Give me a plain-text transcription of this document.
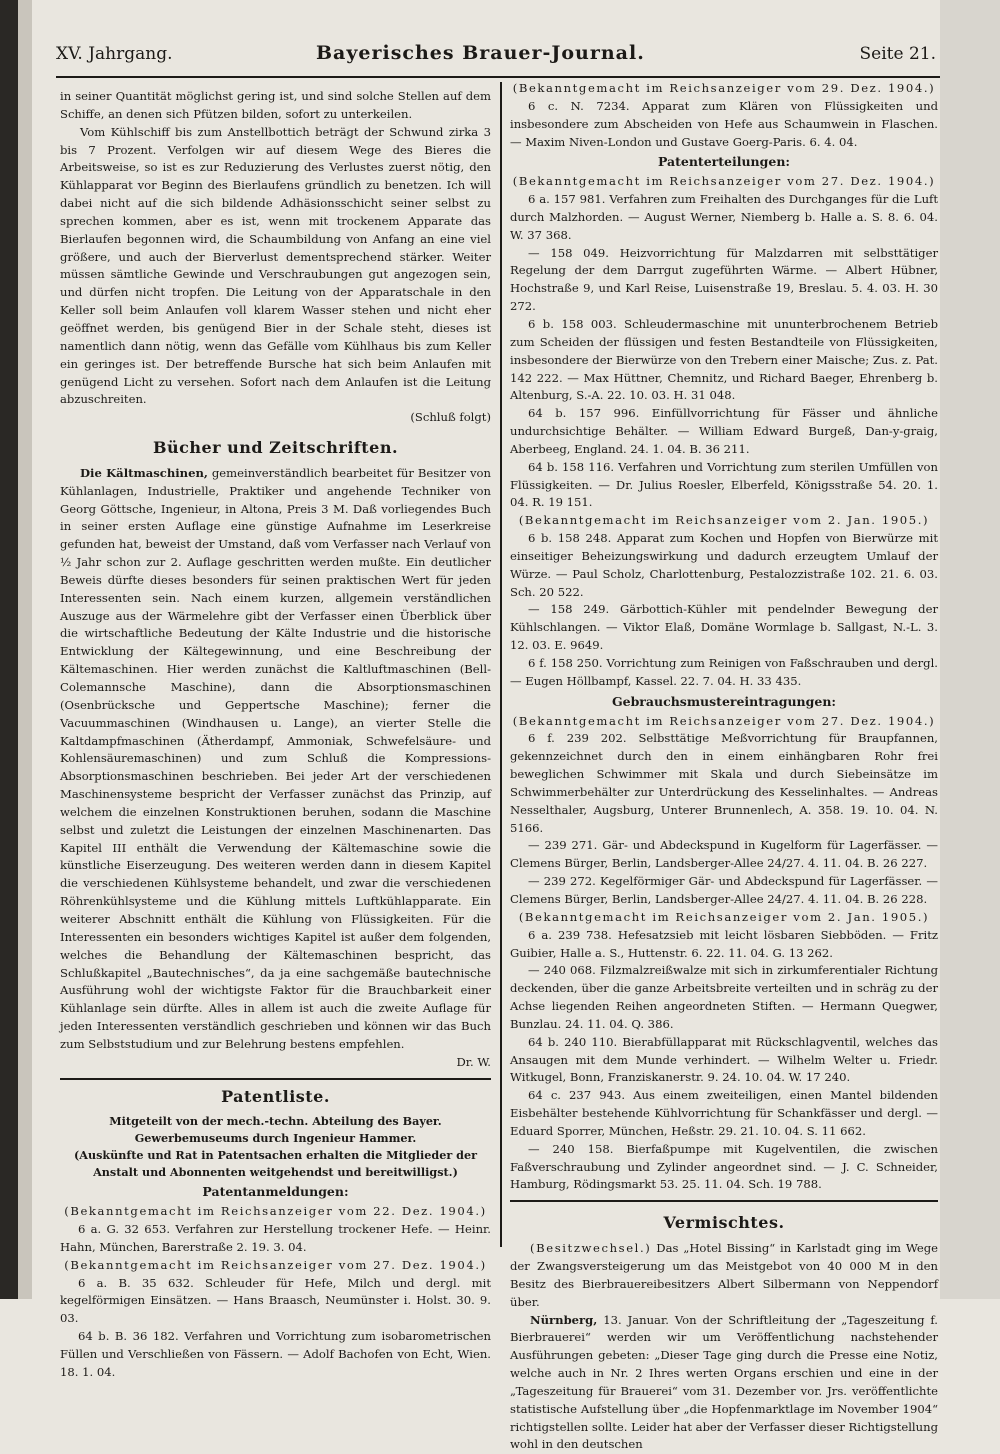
XV. Jahrgang.	Bayerisches Brauer-Journal.	Seite 21.

in seiner Quantität möglichst gering ist, und sind solche Stellen auf dem Schiffe, an denen sich Pfützen bilden, sofort zu unterkeilen.

Vom Kühlschiff bis zum Anstellbottich beträgt der Schwund zirka 3 bis 7 Prozent. Verfolgen wir auf diesem Wege des Bieres die Arbeitsweise, so ist es zur Reduzierung des Verlustes zuerst nötig, den Kühlapparat vor Beginn des Bierlaufens gründlich zu benetzen. Ich will dabei nicht auf die sich bildende Adhäsionsschicht seiner selbst zu sprechen kommen, aber es ist, wenn mit trockenem Apparate das Bierlaufen begonnen wird, die Schaumbildung von Anfang an eine viel größere, und auch der Bierverlust dementsprechend stärker. Weiter müssen sämtliche Gewinde und Verschraubungen gut angezogen sein, und dürfen nicht tropfen. Die Leitung von der Apparatschale in den Keller soll beim Anlaufen voll klarem Wasser stehen und nicht eher geöffnet werden, bis genügend Bier in der Schale steht, dieses ist namentlich dann nötig, wenn das Gefälle vom Kühlhaus bis zum Keller ein geringes ist. Der betreffende Bursche hat sich beim Anlaufen mit genügend Licht zu versehen. Sofort nach dem Anlaufen ist die Leitung abzuschreiten.

(Schluß folgt)

Bücher und Zeitschriften.

Die Kältmaschinen, gemeinverständlich bearbeitet für Besitzer von Kühlanlagen, Industrielle, Praktiker und angehende Techniker von Georg Göttsche, Ingenieur, in Altona, Preis 3 M. Daß vorliegendes Buch in seiner ersten Auflage eine günstige Aufnahme im Leserkreise gefunden hat, beweist der Umstand, daß vom Verfasser nach Verlauf von ½ Jahr schon zur 2. Auflage geschritten werden mußte. Ein deutlicher Beweis dürfte dieses besonders für seinen praktischen Wert für jeden Interessenten sein. Nach einem kurzen, allgemein verständlichen Auszuge aus der Wärmelehre gibt der Verfasser einen Überblick über die wirtschaftliche Bedeutung der Kälte Industrie und die historische Entwicklung der Kältegewinnung, und eine Beschreibung der Kältemaschinen. Hier werden zunächst die Kaltluftmaschinen (Bell-Colemannsche Maschine), dann die Absorptionsmaschinen (Osenbrücksche und Geppertsche Maschine); ferner die Vacuummaschinen (Windhausen u. Lange), an vierter Stelle die Kaltdampfmaschinen (Ätherdampf, Ammoniak, Schwefelsäure- und Kohlensäuremaschinen) und zum Schluß die Kompressions-Absorptionsmaschinen beschrieben. Bei jeder Art der verschiedenen Maschinensysteme bespricht der Verfasser zunächst das Prinzip, auf welchem die einzelnen Konstruktionen beruhen, sodann die Maschine selbst und zuletzt die Leistungen der einzelnen Maschinenarten. Das Kapitel III enthält die Verwendung der Kältemaschine sowie die künstliche Eiserzeugung. Des weiteren werden dann in diesem Kapitel die verschiedenen Kühlsysteme behandelt, und zwar die verschiedenen Röhrenkühlsysteme und die Kühlung mittels Luftkühlapparate. Ein weiterer Abschnitt enthält die Kühlung von Flüssigkeiten. Für die Interessenten ein besonders wichtiges Kapitel ist außer dem folgenden, welches die Behandlung der Kältemaschinen bespricht, das Schlußkapitel „Bautechnisches“, da ja eine sachgemäße bautechnische Ausführung wohl der wichtigste Faktor für die Brauchbarkeit einer Kühlanlage sein dürfte. Alles in allem ist auch die zweite Auflage für jeden Interessenten verständlich geschrieben und können wir das Buch zum Selbststudium und zur Belehrung bestens empfehlen.

Dr. W.

Patentliste.
Mitgeteilt von der mech.-techn. Abteilung des Bayer. Gewerbemuseums durch Ingenieur Hammer.
(Auskünfte und Rat in Patentsachen erhalten die Mitglieder der Anstalt und Abonnenten weitgehendst und bereitwilligst.)
Patentanmeldungen:

(Bekanntgemacht im Reichsanzeiger vom 22. Dez. 1904.)

6 a. G. 32 653. Verfahren zur Herstellung trockener Hefe. — Heinr. Hahn, München, Barerstraße 2. 19. 3. 04.

(Bekanntgemacht im Reichsanzeiger vom 27. Dez. 1904.)

6 a. B. 35 632. Schleuder für Hefe, Milch und dergl. mit kegelförmigen Einsätzen. — Hans Braasch, Neumünster i. Holst. 30. 9. 03.

64 b. B. 36 182. Verfahren und Vorrichtung zum isobarometrischen Füllen und Verschließen von Fässern. — Adolf Bachofen von Echt, Wien. 18. 1. 04.

(Bekanntgemacht im Reichsanzeiger vom 29. Dez. 1904.)

6 c. N. 7234. Apparat zum Klären von Flüssigkeiten und insbesondere zum Abscheiden von Hefe aus Schaumwein in Flaschen. — Maxim Niven-London und Gustave Goerg-Paris. 6. 4. 04.

Patenterteilungen:

(Bekanntgemacht im Reichsanzeiger vom 27. Dez. 1904.)

6 a. 157 981. Verfahren zum Freihalten des Durchganges für die Luft durch Malzhorden. — August Werner, Niemberg b. Halle a. S. 8. 6. 04. W. 37 368.

— 158 049. Heizvorrichtung für Malzdarren mit selbsttätiger Regelung der dem Darrgut zugeführten Wärme. — Albert Hübner, Hochstraße 9, und Karl Reise, Luisenstraße 19, Breslau. 5. 4. 03. H. 30 272.

6 b. 158 003. Schleudermaschine mit ununterbrochenem Betrieb zum Scheiden der flüssigen und festen Bestandteile von Flüssigkeiten, insbesondere der Bierwürze von den Trebern einer Maische; Zus. z. Pat. 142 222. — Max Hüttner, Chemnitz, und Richard Baeger, Ehrenberg b. Altenburg, S.-A. 22. 10. 03. H. 31 048.

64 b. 157 996. Einfüllvorrichtung für Fässer und ähnliche undurchsichtige Behälter. — William Edward Burgeß, Dan-y-graig, Aberbeeg, England. 24. 1. 04. B. 36 211.

64 b. 158 116. Verfahren und Vorrichtung zum sterilen Umfüllen von Flüssigkeiten. — Dr. Julius Roesler, Elberfeld, Königsstraße 54. 20. 1. 04. R. 19 151.

(Bekanntgemacht im Reichsanzeiger vom 2. Jan. 1905.)

6 b. 158 248. Apparat zum Kochen und Hopfen von Bierwürze mit einseitiger Beheizungswirkung und dadurch erzeugtem Umlauf der Würze. — Paul Scholz, Charlottenburg, Pestalozzistraße 102. 21. 6. 03. Sch. 20 522.

— 158 249. Gärbottich-Kühler mit pendelnder Bewegung der Kühlschlangen. — Viktor Elaß, Domäne Wormlage b. Sallgast, N.-L. 3. 12. 03. E. 9649.

6 f. 158 250. Vorrichtung zum Reinigen von Faßschrauben und dergl. — Eugen Höllbampf, Kassel. 22. 7. 04. H. 33 435.

Gebrauchsmustereintragungen:

(Bekanntgemacht im Reichsanzeiger vom 27. Dez. 1904.)

6 f. 239 202. Selbsttätige Meßvorrichtung für Braupfannen, gekennzeichnet durch den in einem einhängbaren Rohr frei beweglichen Schwimmer mit Skala und durch Siebeinsätze im Schwimmerbehälter zur Unterdrückung des Kesselinhaltes. — Andreas Nesselthaler, Augsburg, Unterer Brunnenlech, A. 358. 19. 10. 04. N. 5166.

— 239 271. Gär- und Abdeckspund in Kugelform für Lagerfässer. — Clemens Bürger, Berlin, Landsberger-Allee 24/27. 4. 11. 04. B. 26 227.

— 239 272. Kegelförmiger Gär- und Abdeckspund für Lagerfässer. — Clemens Bürger, Berlin, Landsberger-Allee 24/27. 4. 11. 04. B. 26 228.

(Bekanntgemacht im Reichsanzeiger vom 2. Jan. 1905.)

6 a. 239 738. Hefesatzsieb mit leicht lösbaren Siebböden. — Fritz Guibier, Halle a. S., Huttenstr. 6. 22. 11. 04. G. 13 262.

— 240 068. Filzmalzreißwalze mit sich in zirkumferentialer Richtung deckenden, über die ganze Arbeitsbreite verteilten und in schräg zu der Achse liegenden Reihen angeordneten Stiften. — Hermann Quegwer, Bunzlau. 24. 11. 04. Q. 386.

64 b. 240 110. Bierabfüllapparat mit Rückschlagventil, welches das Ansaugen mit dem Munde verhindert. — Wilhelm Welter u. Friedr. Witkugel, Bonn, Franziskanerstr. 9. 24. 10. 04. W. 17 240.

64 c. 237 943. Aus einem zweiteiligen, einen Mantel bildenden Eisbehälter bestehende Kühlvorrichtung für Schankfässer und dergl. — Eduard Sporrer, München, Heßstr. 29. 21. 10. 04. S. 11 662.

— 240 158. Bierfaßpumpe mit Kugelventilen, die zwischen Faßverschraubung und Zylinder angeordnet sind. — J. C. Schneider, Hamburg, Rödingsmarkt 53. 25. 11. 04. Sch. 19 788.

Vermischtes.

(Besitzwechsel.) Das „Hotel Bissing“ in Karlstadt ging im Wege der Zwangsversteigerung um das Meistgebot von 40 000 M in den Besitz des Bierbrauereibesitzers Albert Silbermann von Neppendorf über.

Nürnberg, 13. Januar. Von der Schriftleitung der „Tageszeitung f. Bierbrauerei“ werden wir um Veröffentlichung nachstehender Ausführungen gebeten: „Dieser Tage ging durch die Presse eine Notiz, welche auch in Nr. 2 Ihres werten Organs erschien und eine in der „Tageszeitung für Brauerei“ vom 31. Dezember vor. Jrs. veröffentlichte statistische Aufstellung über „die Hopfenmarktlage im November 1904“ richtigstellen sollte. Leider hat aber der Verfasser dieser Richtigstellung wohl in den deutschen
